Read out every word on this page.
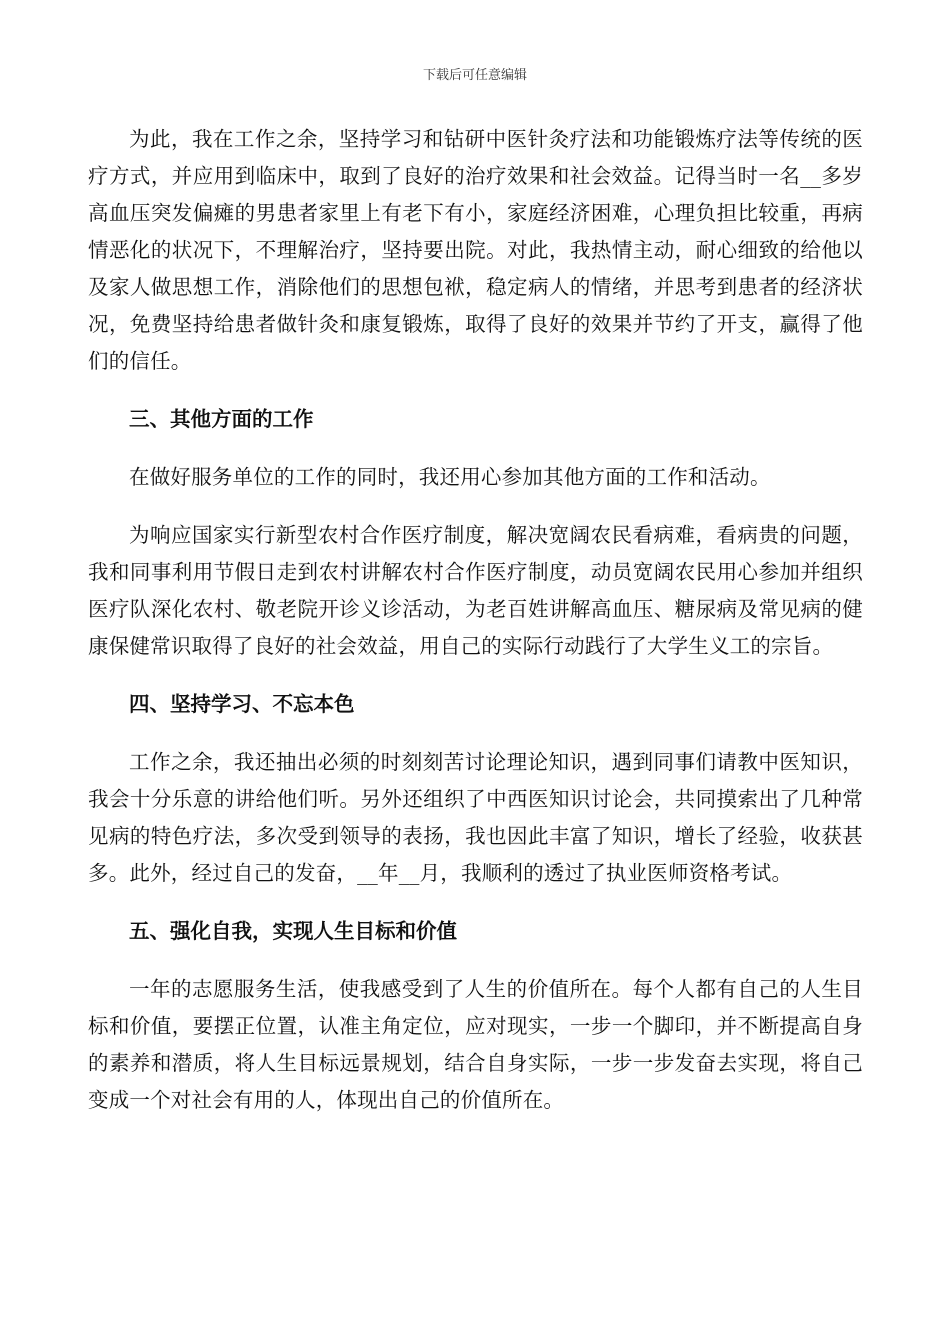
下载后可任意编辑

为此，我在工作之余，坚持学习和钻研中医针灸疗法和功能锻炼疗法等传统的医疗方式，并应用到临床中，取到了良好的治疗效果和社会效益。记得当时一名__多岁高血压突发偏瘫的男患者家里上有老下有小，家庭经济困难，心理负担比较重，再病情恶化的状况下，不理解治疗，坚持要出院。对此，我热情主动，耐心细致的给他以及家人做思想工作，消除他们的思想包袱，稳定病人的情绪，并思考到患者的经济状况，免费坚持给患者做针灸和康复锻炼，取得了良好的效果并节约了开支，赢得了他们的信任。

三、其他方面的工作

在做好服务单位的工作的同时，我还用心参加其他方面的工作和活动。

为响应国家实行新型农村合作医疗制度，解决宽阔农民看病难，看病贵的问题，我和同事利用节假日走到农村讲解农村合作医疗制度，动员宽阔农民用心参加并组织医疗队深化农村、敬老院开诊义诊活动，为老百姓讲解高血压、糖尿病及常见病的健康保健常识取得了良好的社会效益，用自己的实际行动践行了大学生义工的宗旨。

四、坚持学习、不忘本色

工作之余，我还抽出必须的时刻刻苦讨论理论知识，遇到同事们请教中医知识，我会十分乐意的讲给他们听。另外还组织了中西医知识讨论会，共同摸索出了几种常见病的特色疗法，多次受到领导的表扬，我也因此丰富了知识，增长了经验，收获甚多。此外，经过自己的发奋，__年__月，我顺利的透过了执业医师资格考试。

五、强化自我，实现人生目标和价值

一年的志愿服务生活，使我感受到了人生的价值所在。每个人都有自己的人生目标和价值，要摆正位置，认准主角定位，应对现实，一步一个脚印，并不断提高自身的素养和潜质，将人生目标远景规划，结合自身实际，一步一步发奋去实现，将自己变成一个对社会有用的人，体现出自己的价值所在。
